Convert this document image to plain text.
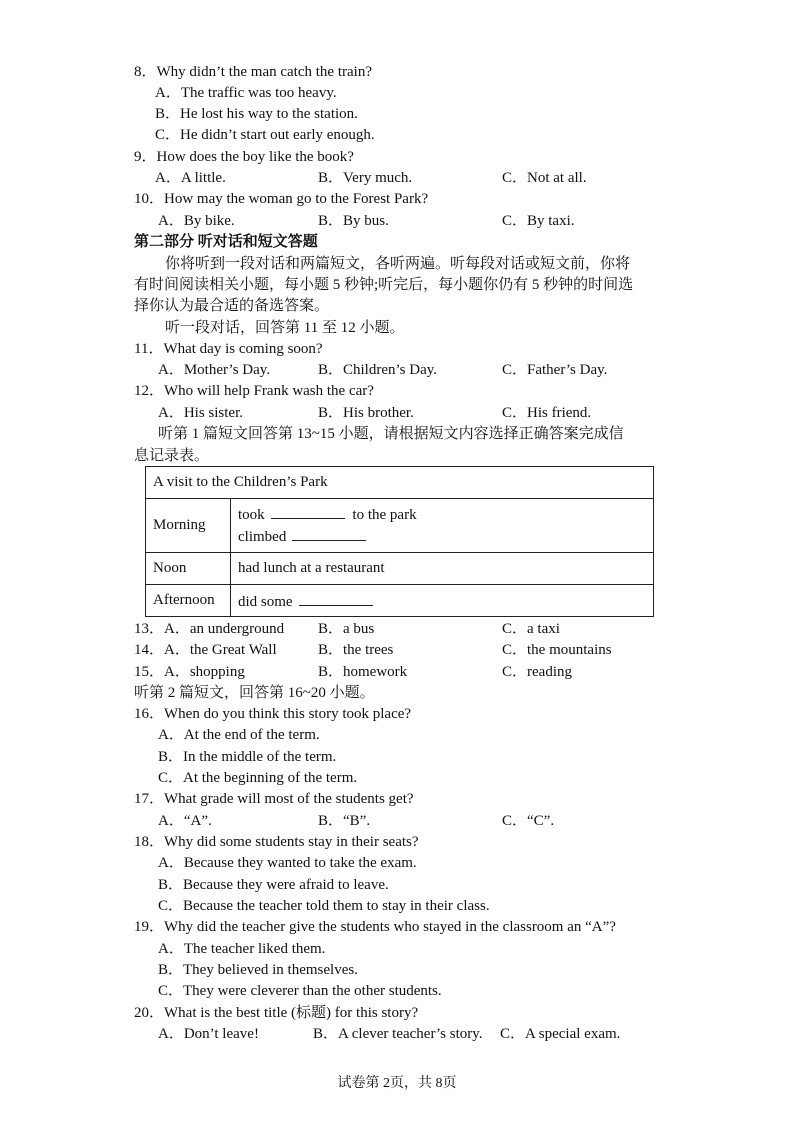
8．Why didn’t the man catch the train?
A．The traffic was too heavy.
B．He lost his way to the station.
C．He didn’t start out early enough.
9．How does the boy like the book?
A．A little.	B．Very much.	C．Not at all.
10．How may the woman go to the Forest Park?
A．By bike.	B．By bus.	C．By taxi.
第二部分 听对话和短文答题
你将听到一段对话和两篇短文，各听两遍。听每段对话或短文前，你将
有时间阅读相关小题，每小题 5 秒钟;听完后，每小题你仍有 5 秒钟的时间选
择你认为最合适的备选答案。
听一段对话，回答第 11 至 12 小题。
11．What day is coming soon?
A．Mother’s Day.	B．Children’s Day.	C．Father’s Day.
12．Who will help Frank wash the car?
A．His sister.	B．His brother.	C．His friend.
听第 1 篇短文回答第 13~15 小题，请根据短文内容选择正确答案完成信
息记录表。
A visit to the Children’s Park	
Morning	took to the park
climbed

Noon	had lunch at a restaurant
Afternoon	did some
13．A．an underground B．a bus	C．a taxi
14．A．the Great Wall	B．the trees	C．the mountains
15．A．shopping	B．homework	C．reading
听第 2 篇短文，回答第 16~20 小题。
16．When do you think this story took place?
A．At the end of the term.
B．In the middle of the term.
C．At the beginning of the term.
17．What grade will most of the students get?
A．“A”.	B．“B”.	C．“C”.
18．Why did some students stay in their seats?
A．Because they wanted to take the exam.
B．Because they were afraid to leave.
C．Because the teacher told them to stay in their class.
19．Why did the teacher give the students who stayed in the classroom an “A”?
A．The teacher liked them.
B．They believed in themselves.
C．They were cleverer than the other students.
20．What is the best title (标题) for this story?
A．Don’t leave!	B．A clever teacher’s story. C．A special exam.
试卷第 2页，共 8页
